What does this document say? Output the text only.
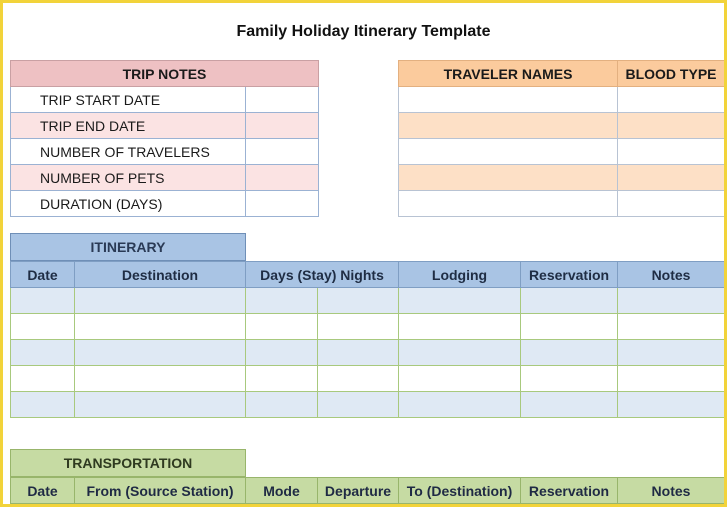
Family Holiday Itinerary Template
TRIP NOTES	
TRIP START DATE	
TRIP END DATE	
NUMBER OF TRAVELERS	
NUMBER OF PETS	
DURATION (DAYS)	
TRAVELER NAMES	BLOOD TYPE

ITINERARY
Date	Destination	Days (Stay) Nights		Lodging	Reservation	Notes

TRANSPORTATION
Date	From (Source Station)	Mode	Departure	To (Destination)	Reservation	Notes
